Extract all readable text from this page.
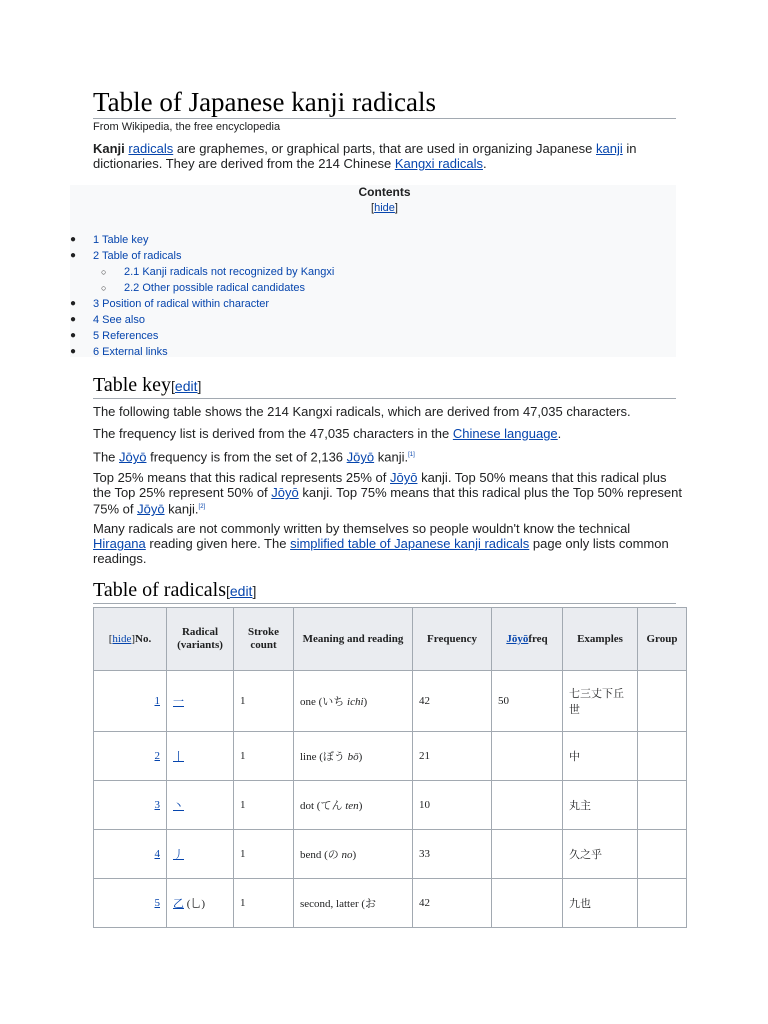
Table of Japanese kanji radicals
From Wikipedia, the free encyclopedia
Kanji radicals are graphemes, or graphical parts, that are used in organizing Japanese kanji in dictionaries. They are derived from the 214 Chinese Kangxi radicals.
Contents
[hide]
● 1 Table key
● 2 Table of radicals
○ 2.1 Kanji radicals not recognized by Kangxi
○ 2.2 Other possible radical candidates
● 3 Position of radical within character
● 4 See also
● 5 References
● 6 External links
Table key[edit]
The following table shows the 214 Kangxi radicals, which are derived from 47,035 characters.
The frequency list is derived from the 47,035 characters in the Chinese language.
The Jōyō frequency is from the set of 2,136 Jōyō kanji.[1]
Top 25% means that this radical represents 25% of Jōyō kanji. Top 50% means that this radical plus the Top 25% represent 50% of Jōyō kanji. Top 75% means that this radical plus the Top 50% represent 75% of Jōyō kanji.[2]
Many radicals are not commonly written by themselves so people wouldn't know the technical Hiragana reading given here. The simplified table of Japanese kanji radicals page only lists common readings.
Table of radicals[edit]
[hide]No.	Radical (variants)	Stroke count	Meaning and reading	Frequency	Jōyōfreq	Examples	Group
1	一	1	one (いち ichi)	42	50	七三丈下丘世	
2	丨	1	line (ぼう bō)	21		中	
3	丶	1	dot (てん ten)	10		丸主	
4	丿	1	bend (の no)	33		久之乎	
5	乙 (乚)	1	second, latter (お	42		九也	
